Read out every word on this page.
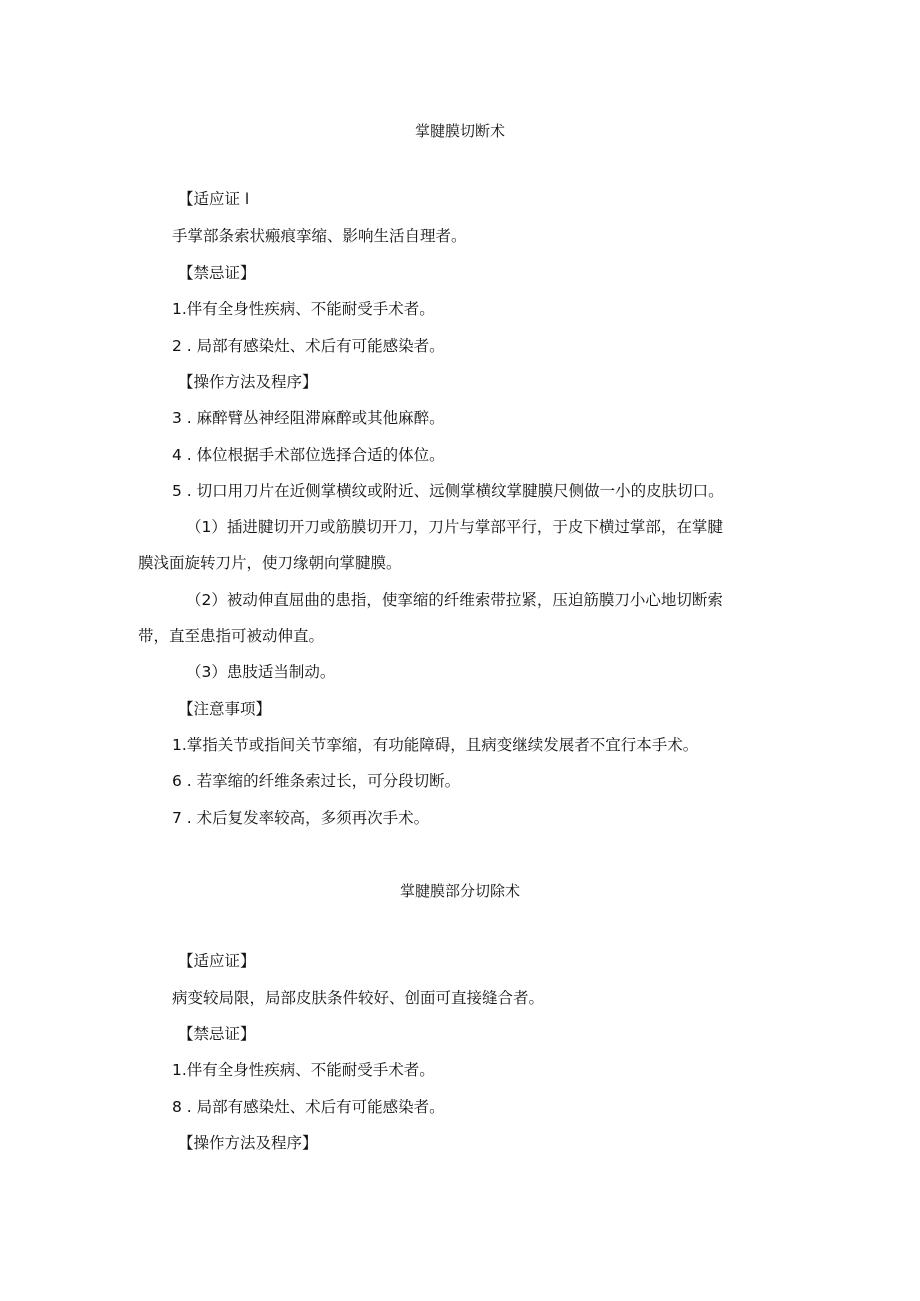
掌腱膜切断术
【适应证 l
手掌部条索状瘢痕挛缩、影响生活自理者。
【禁忌证】
1.伴有全身性疾病、不能耐受手术者。
2 . 局部有感染灶、术后有可能感染者。
【操作方法及程序】
3 . 麻醉臂丛神经阻滞麻醉或其他麻醉。
4 . 体位根据手术部位选择合适的体位。
5 . 切口用刀片在近侧掌横纹或附近、远侧掌横纹掌腱膜尺侧做一小的皮肤切口。
（1）插进腱切开刀或筋膜切开刀，刀片与掌部平行，于皮下横过掌部，在掌腱
膜浅面旋转刀片，使刀缘朝向掌腱膜。
（2）被动伸直屈曲的患指，使挛缩的纤维索带拉紧，压迫筋膜刀小心地切断索
带，直至患指可被动伸直。
（3）患肢适当制动。
【注意事项】
1.掌指关节或指间关节挛缩，有功能障碍，且病变继续发展者不宜行本手术。
6 . 若挛缩的纤维条索过长，可分段切断。
7 . 术后复发率较高，多须再次手术。
掌腱膜部分切除术
【适应证】
病变较局限，局部皮肤条件较好、创面可直接缝合者。
【禁忌证】
1.伴有全身性疾病、不能耐受手术者。
8 . 局部有感染灶、术后有可能感染者。
【操作方法及程序】
